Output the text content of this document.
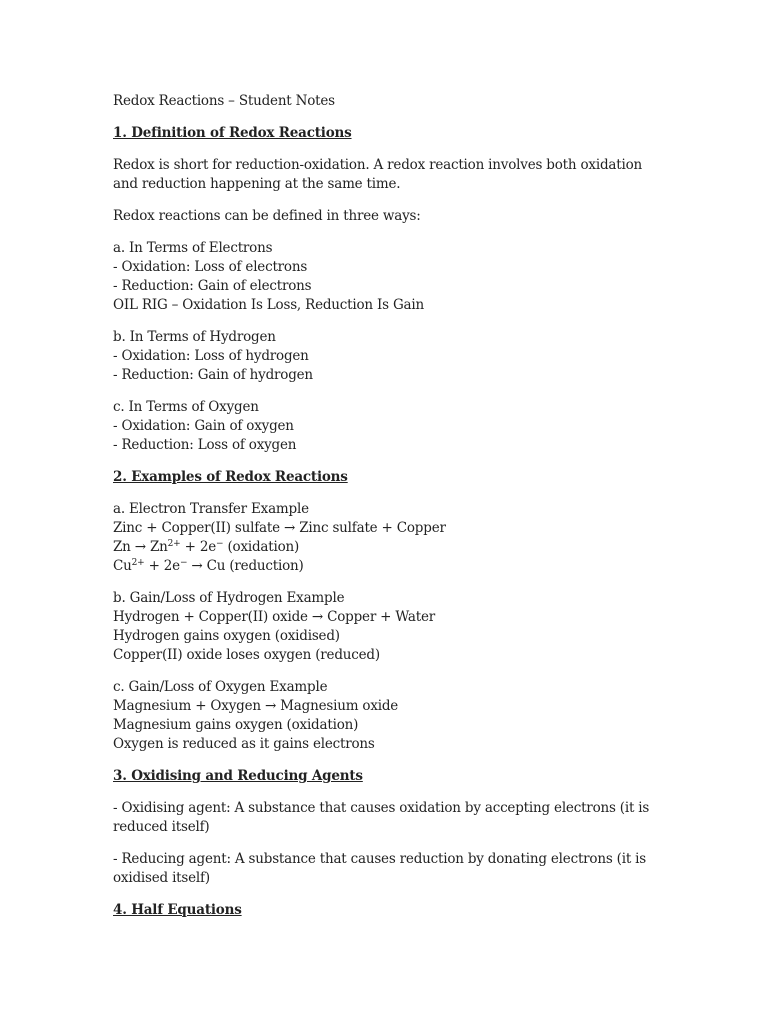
Redox Reactions – Student Notes
1. Definition of Redox Reactions
Redox is short for reduction-oxidation. A redox reaction involves both oxidation and reduction happening at the same time.
Redox reactions can be defined in three ways:
a. In Terms of Electrons
- Oxidation: Loss of electrons
- Reduction: Gain of electrons
OIL RIG – Oxidation Is Loss, Reduction Is Gain
b. In Terms of Hydrogen
- Oxidation: Loss of hydrogen
- Reduction: Gain of hydrogen
c. In Terms of Oxygen
- Oxidation: Gain of oxygen
- Reduction: Loss of oxygen
2. Examples of Redox Reactions
a. Electron Transfer Example
Zinc + Copper(II) sulfate → Zinc sulfate + Copper
$Zn \to Zn^{2+} + 2e^-$ (oxidation)
$Cu^{2+} + 2e^- \to Cu$ (reduction)
b. Gain/Loss of Hydrogen Example
Hydrogen + Copper(II) oxide → Copper + Water
Hydrogen gains oxygen (oxidised)
Copper(II) oxide loses oxygen (reduced)
c. Gain/Loss of Oxygen Example
Magnesium + Oxygen → Magnesium oxide
Magnesium gains oxygen (oxidation)
Oxygen is reduced as it gains electrons
3. Oxidising and Reducing Agents
- Oxidising agent: A substance that causes oxidation by accepting electrons (it is reduced itself)
- Reducing agent: A substance that causes reduction by donating electrons (it is oxidised itself)
4. Half Equations
